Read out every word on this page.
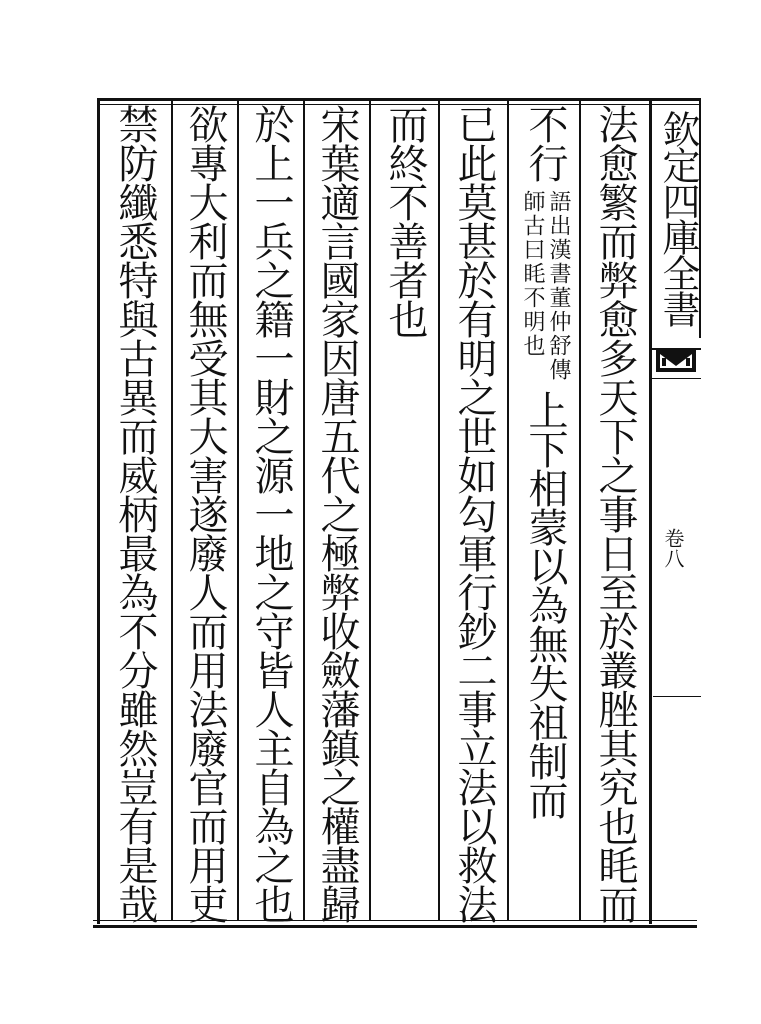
法愈繁而弊愈多天下之事日至於叢脞其究也眊而
不行
語出漢書董仲舒傳
師古曰眊不明也
上下相蒙以為無失祖制而
已此莫甚於有明之世如勾軍行鈔二事立法以救法
而終不善者也
宋葉適言國家因唐五代之極弊收斂藩鎮之權盡歸
於上一兵之籍一財之源一地之守皆人主自為之也
欲專大利而無受其大害遂廢人而用法廢官而用吏
禁防纖悉特與古異而威柄最為不分雖然豈有是哉	欽定四庫全書
卷八
